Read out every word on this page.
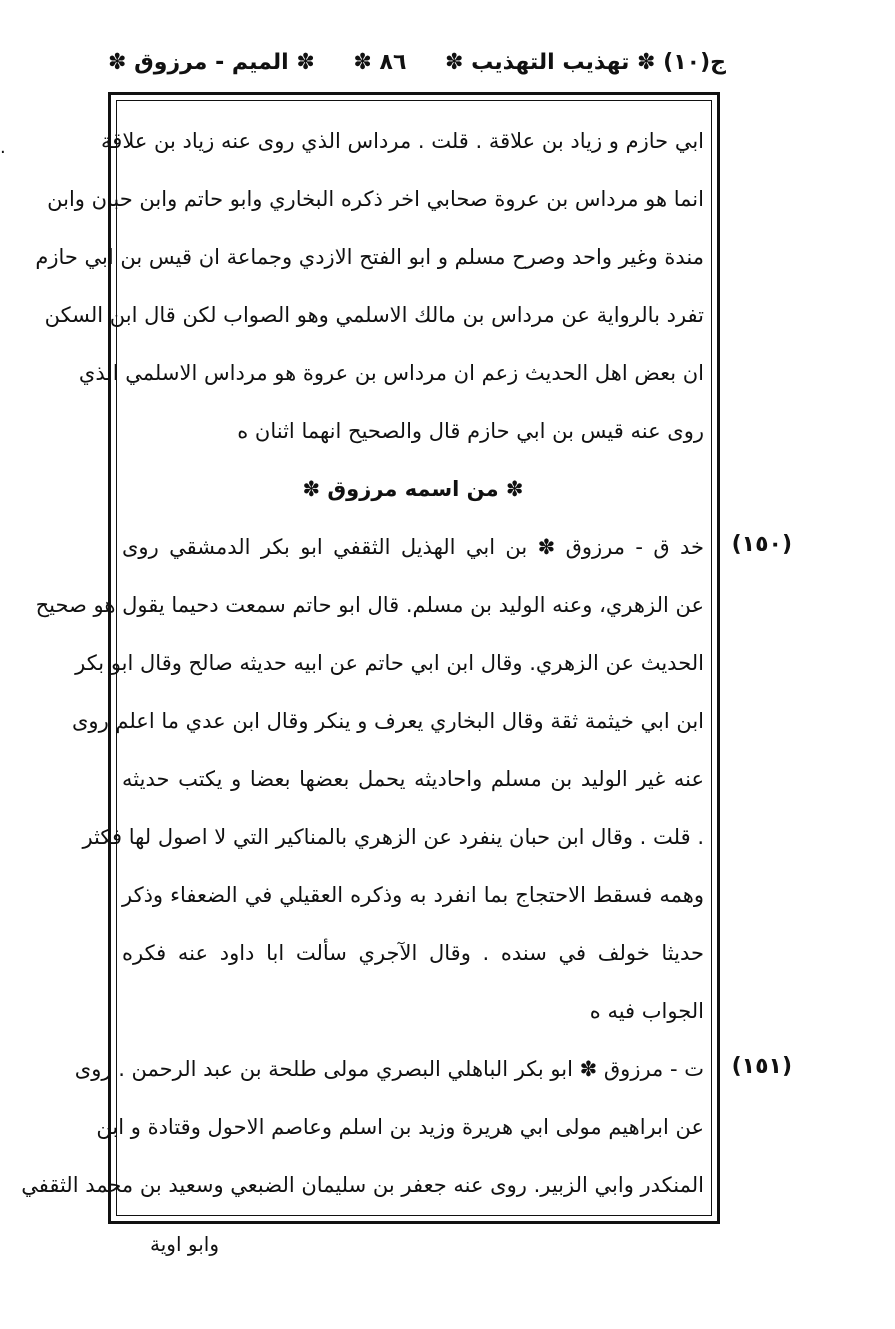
ج(١٠) ✽ تهذيب التهذيب ✽
٨٦ ✽
✽ الميم - مرزوق ✽
·	ابي حازم و زياد بن علاقة . قلت . مرداس الذي روى عنه زياد بن علاقة
انما هو مرداس بن عروة صحابي اخر ذكره البخاري وابو حاتم وابن حبان وابن
مندة وغير واحد وصرح مسلم و ابو الفتح الازدي وجماعة ان قيس بن ابي حازم
تفرد بالرواية عن مرداس بن مالك الاسلمي وهو الصواب لكن قال ابن السكن
ان بعض اهل الحديث زعم ان مرداس بن عروة هو مرداس الاسلمي الذي
روى عنه قيس بن ابي حازم قال والصحيح انهما اثنان ه
✽ من اسمه مرزوق ✽
خد ق - مرزوق ✽ بن ابي الهذيل الثقفي ابو بكر الدمشقي روى
عن الزهري، وعنه الوليد بن مسلم. قال ابو حاتم سمعت دحيما يقول هو صحيح
الحديث عن الزهري. وقال ابن ابي حاتم عن ابيه حديثه صالح وقال ابو بكر
ابن ابي خيثمة ثقة وقال البخاري يعرف و ينكر وقال ابن عدي ما اعلم روى
عنه غير الوليد بن مسلم واحاديثه يحمل بعضها بعضا و يكتب حديثه
. قلت . وقال ابن حبان ينفرد عن الزهري بالمناكير التي لا اصول لها فكثر
وهمه فسقط الاحتجاج بما انفرد به وذكره العقيلي في الضعفاء وذكر
حديثا خولف في سنده . وقال الآجري سألت ابا داود عنه فكره
الجواب فيه ه
ت - مرزوق ✽ ابو بكر الباهلي البصري مولى طلحة بن عبد الرحمن . روى
عن ابراهيم مولى ابي هريرة وزيد بن اسلم وعاصم الاحول وقتادة و ابن
المنكدر وابي الزبير. روى عنه جعفر بن سليمان الضبعي وسعيد بن محمد الثقفي
(١٥٠)
(١٥١)
وابو اوية
